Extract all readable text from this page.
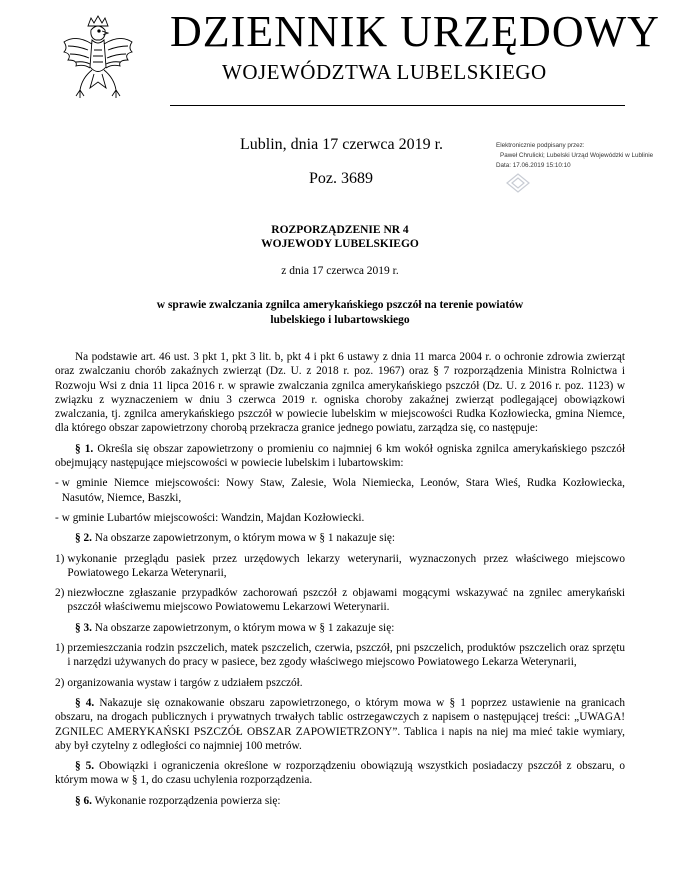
DZIENNIK URZĘDOWY
WOJEWÓDZTWA LUBELSKIEGO
Lublin, dnia 17 czerwca 2019 r.
Poz. 3689
Elektronicznie podpisany przez:
Paweł Chrulicki; Lubelski Urząd Wojewódzki w Lublinie
Data: 17.06.2019 15:10:10
ROZPORZĄDZENIE NR 4
WOJEWODY LUBELSKIEGO
z dnia 17 czerwca 2019 r.
w sprawie zwalczania zgnilca amerykańskiego pszczół na terenie powiatów
lubelskiego i lubartowskiego

Na podstawie art. 46 ust. 3 pkt 1, pkt 3 lit. b, pkt 4 i pkt 6 ustawy z dnia 11 marca 2004 r. o ochronie zdrowia zwierząt oraz zwalczaniu chorób zakaźnych zwierząt (Dz. U. z 2018 r. poz. 1967) oraz § 7 rozporządzenia Ministra Rolnictwa i Rozwoju Wsi z dnia 11 lipca 2016 r. w sprawie zwalczania zgnilca amerykańskiego pszczół (Dz. U. z 2016 r. poz. 1123) w związku z wyznaczeniem w dniu 3 czerwca 2019 r. ogniska choroby zakaźnej zwierząt podlegającej obowiązkowi zwalczania, tj. zgnilca amerykańskiego pszczół w powiecie lubelskim w miejscowości Rudka Kozłowiecka, gmina Niemce, dla którego obszar zapowietrzony chorobą przekracza granice jednego powiatu, zarządza się, co następuje:

§ 1. Określa się obszar zapowietrzony o promieniu co najmniej 6 km wokół ogniska zgnilca amerykańskiego pszczół obejmujący następujące miejscowości w powiecie lubelskim i lubartowskim:

- w gminie Niemce miejscowości: Nowy Staw, Zalesie, Wola Niemiecka, Leonów, Stara Wieś, Rudka Kozłowiecka, Nasutów, Niemce, Baszki,
- w gminie Lubartów miejscowości: Wandzin, Majdan Kozłowiecki.

§ 2. Na obszarze zapowietrzonym, o którym mowa w § 1 nakazuje się:

1) wykonanie przeglądu pasiek przez urzędowych lekarzy weterynarii, wyznaczonych przez właściwego miejscowo Powiatowego Lekarza Weterynarii,
2) niezwłoczne zgłaszanie przypadków zachorowań pszczół z objawami mogącymi wskazywać na zgnilec amerykański pszczół właściwemu miejscowo Powiatowemu Lekarzowi Weterynarii.

§ 3. Na obszarze zapowietrzonym, o którym mowa w § 1 zakazuje się:

1) przemieszczania rodzin pszczelich, matek pszczelich, czerwia, pszczół, pni pszczelich, produktów pszczelich oraz sprzętu i narzędzi używanych do pracy w pasiece, bez zgody właściwego miejscowo Powiatowego Lekarza Weterynarii,
2) organizowania wystaw i targów z udziałem pszczół.

§ 4. Nakazuje się oznakowanie obszaru zapowietrzonego, o którym mowa w § 1 poprzez ustawienie na granicach obszaru, na drogach publicznych i prywatnych trwałych tablic ostrzegawczych z napisem o następującej treści: „UWAGA! ZGNILEC AMERYKAŃSKI PSZCZÓŁ OBSZAR ZAPOWIETRZONY”. Tablica i napis na niej ma mieć takie wymiary, aby był czytelny z odległości co najmniej 100 metrów.

§ 5. Obowiązki i ograniczenia określone w rozporządzeniu obowiązują wszystkich posiadaczy pszczół z obszaru, o którym mowa w § 1, do czasu uchylenia rozporządzenia.

§ 6. Wykonanie rozporządzenia powierza się:
